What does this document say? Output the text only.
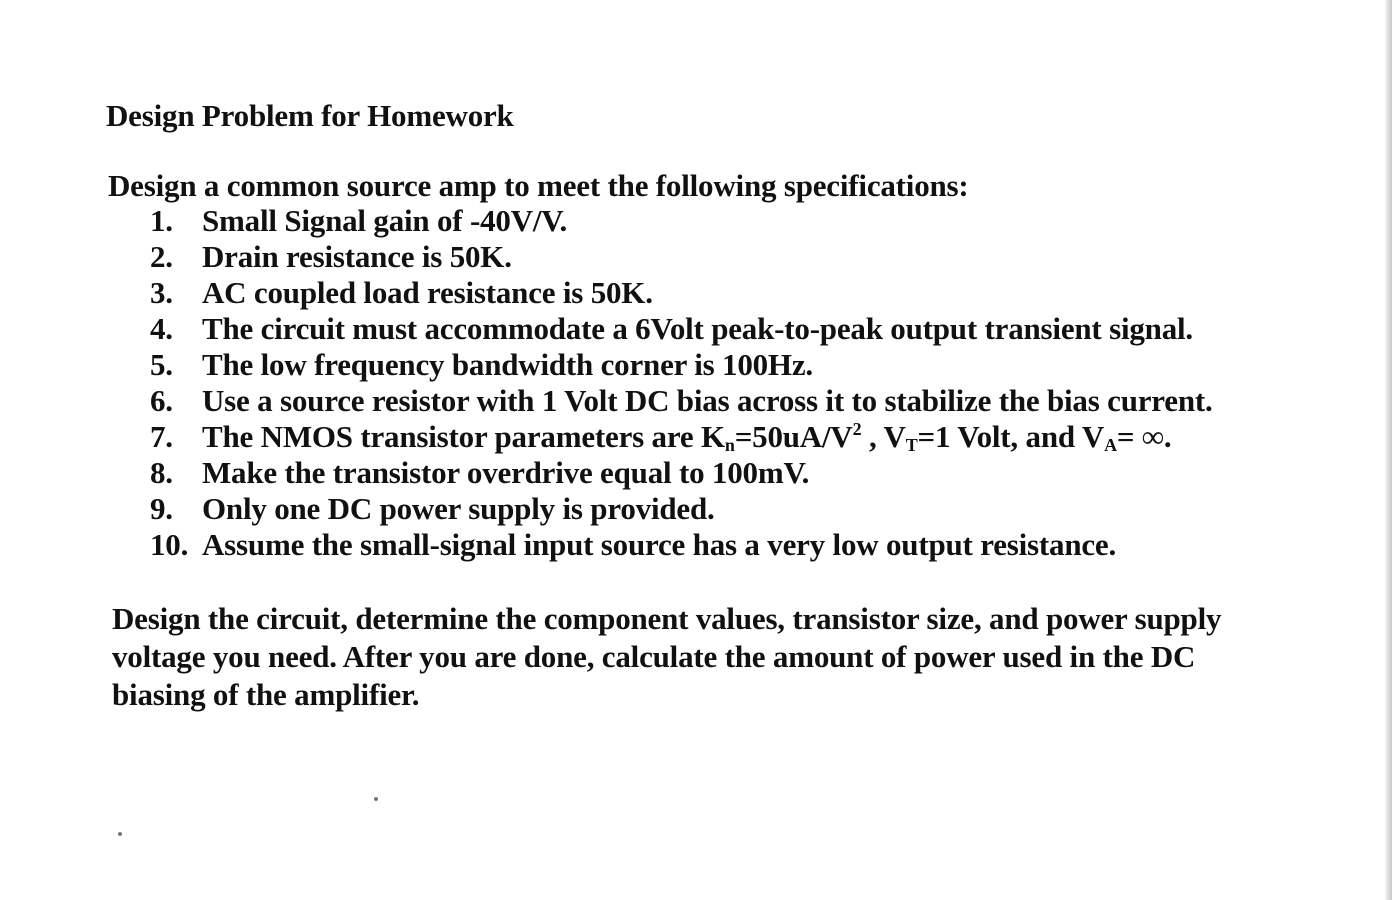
Design Problem for Homework
Design a common source amp to meet the following specifications:
1. Small Signal gain of -40V/V.
2. Drain resistance is 50K.
3. AC coupled load resistance is 50K.
4. The circuit must accommodate a 6Volt peak-to-peak output transient signal.
5. The low frequency bandwidth corner is 100Hz.
6. Use a source resistor with 1 Volt DC bias across it to stabilize the bias current.
7. The NMOS transistor parameters are $K_n=50uA/V^2$ , $V_T=1$ Volt, and $V_A=$ ∞.
8. Make the transistor overdrive equal to 100mV.
9. Only one DC power supply is provided.
10. Assume the small-signal input source has a very low output resistance.
Design the circuit, determine the component values, transistor size, and power supply voltage you need. After you are done, calculate the amount of power used in the DC biasing of the amplifier.
